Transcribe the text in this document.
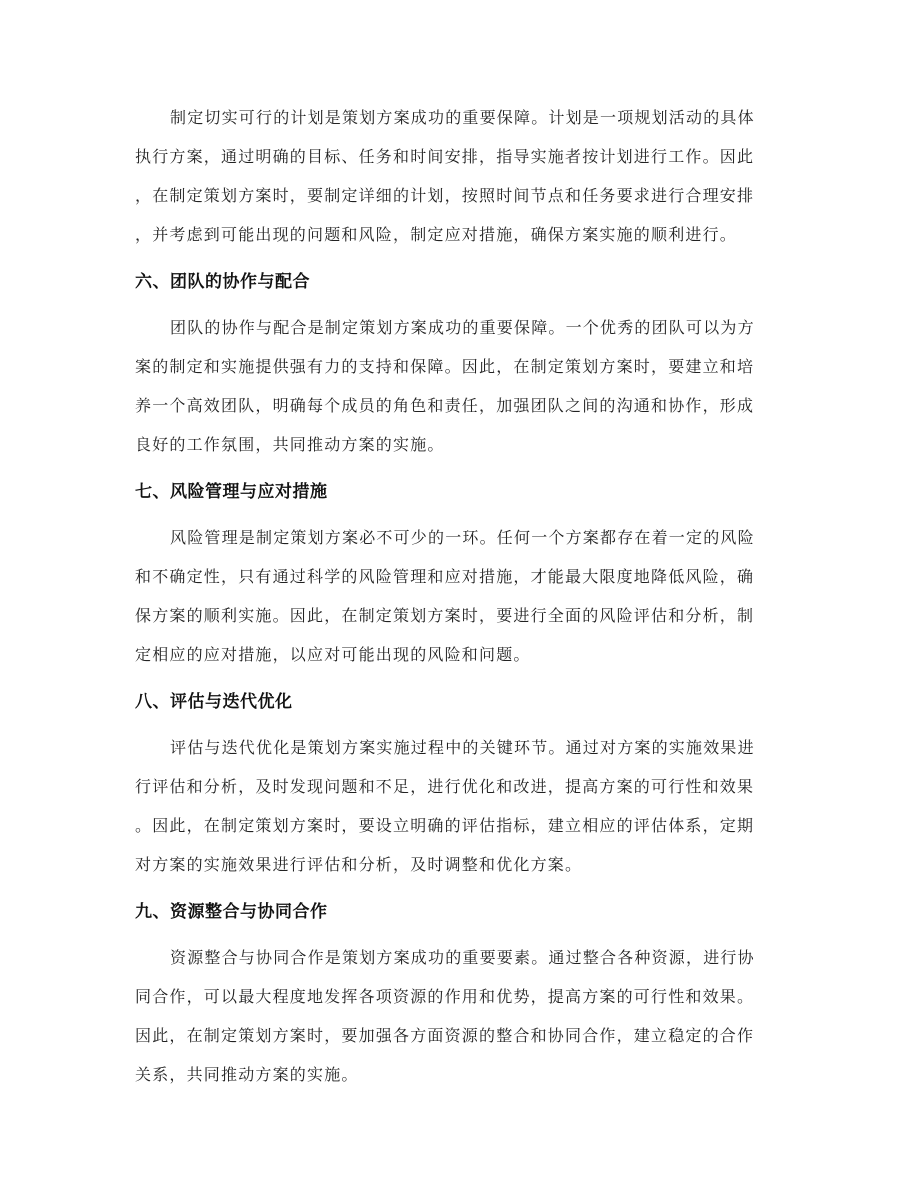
制定切实可行的计划是策划方案成功的重要保障。计划是一项规划活动的具体
执行方案，通过明确的目标、任务和时间安排，指导实施者按计划进行工作。因此
，在制定策划方案时，要制定详细的计划，按照时间节点和任务要求进行合理安排
，并考虑到可能出现的问题和风险，制定应对措施，确保方案实施的顺利进行。

六、团队的协作与配合

团队的协作与配合是制定策划方案成功的重要保障。一个优秀的团队可以为方
案的制定和实施提供强有力的支持和保障。因此，在制定策划方案时，要建立和培
养一个高效团队，明确每个成员的角色和责任，加强团队之间的沟通和协作，形成
良好的工作氛围，共同推动方案的实施。

七、风险管理与应对措施

风险管理是制定策划方案必不可少的一环。任何一个方案都存在着一定的风险
和不确定性，只有通过科学的风险管理和应对措施，才能最大限度地降低风险，确
保方案的顺利实施。因此，在制定策划方案时，要进行全面的风险评估和分析，制
定相应的应对措施，以应对可能出现的风险和问题。

八、评估与迭代优化

评估与迭代优化是策划方案实施过程中的关键环节。通过对方案的实施效果进
行评估和分析，及时发现问题和不足，进行优化和改进，提高方案的可行性和效果
。因此，在制定策划方案时，要设立明确的评估指标，建立相应的评估体系，定期
对方案的实施效果进行评估和分析，及时调整和优化方案。

九、资源整合与协同合作

资源整合与协同合作是策划方案成功的重要要素。通过整合各种资源，进行协
同合作，可以最大程度地发挥各项资源的作用和优势，提高方案的可行性和效果。
因此，在制定策划方案时，要加强各方面资源的整合和协同合作，建立稳定的合作
关系，共同推动方案的实施。
